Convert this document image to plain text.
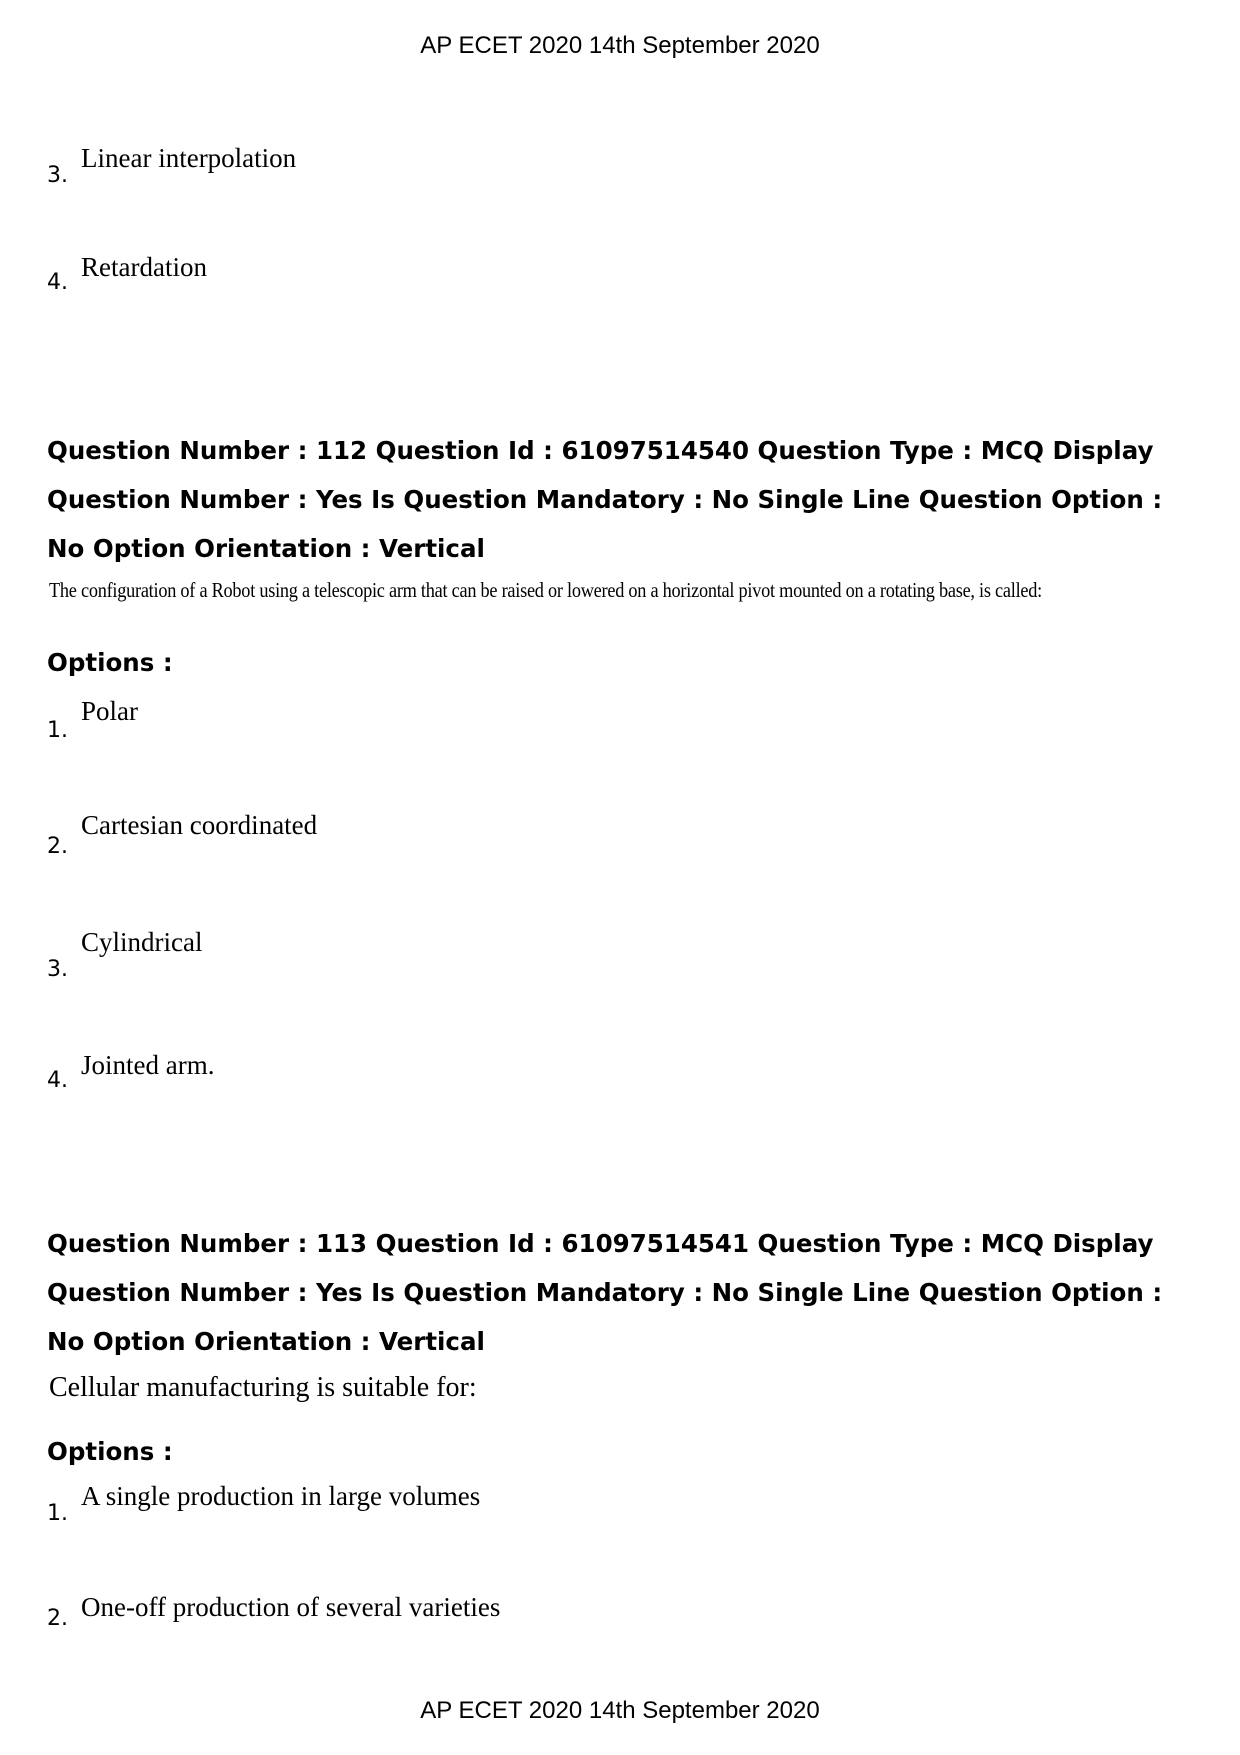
AP ECET 2020 14th September 2020
3.
Linear interpolation
4.
Retardation
Question Number : 112 Question Id : 61097514540 Question Type : MCQ Display Question Number : Yes Is Question Mandatory : No Single Line Question Option : No Option Orientation : Vertical
The configuration of a Robot using a telescopic arm that can be raised or lowered on a horizontal pivot mounted on a rotating base, is called:
Options :
1.
Polar
2.
Cartesian coordinated
3.
Cylindrical
4.
Jointed arm.
Question Number : 113 Question Id : 61097514541 Question Type : MCQ Display Question Number : Yes Is Question Mandatory : No Single Line Question Option : No Option Orientation : Vertical
Cellular manufacturing is suitable for:
Options :
1.
A single production in large volumes
2. One-off production of several varieties
AP ECET 2020 14th September 2020
